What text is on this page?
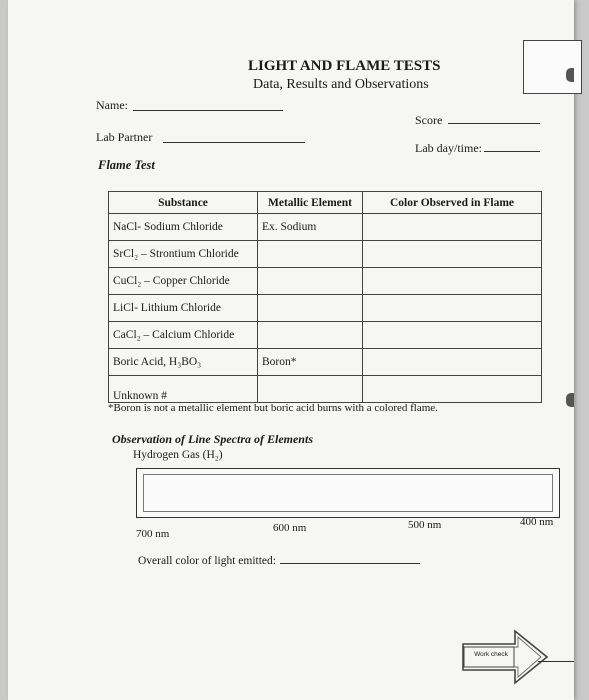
LIGHT AND FLAME TESTS
Data, Results and Observations
Name:
Score
Lab Partner
Lab day/time:
Flame Test
Substance	Metallic Element	Color Observed in Flame
NaCl- Sodium Chloride	Ex. Sodium	
SrCl₂ – Strontium Chloride		
CuCl₂ – Copper Chloride		
LiCl- Lithium Chloride		
CaCl₂ – Calcium Chloride		
Boric Acid, H₃BO₃	Boron*	
Unknown #		
*Boron is not a metallic element but boric acid burns with a colored flame.
Observation of Line Spectra of Elements
Hydrogen Gas (H₂)
700 nm	600 nm	500 nm	400 nm
Overall color of light emitted:
Work check
